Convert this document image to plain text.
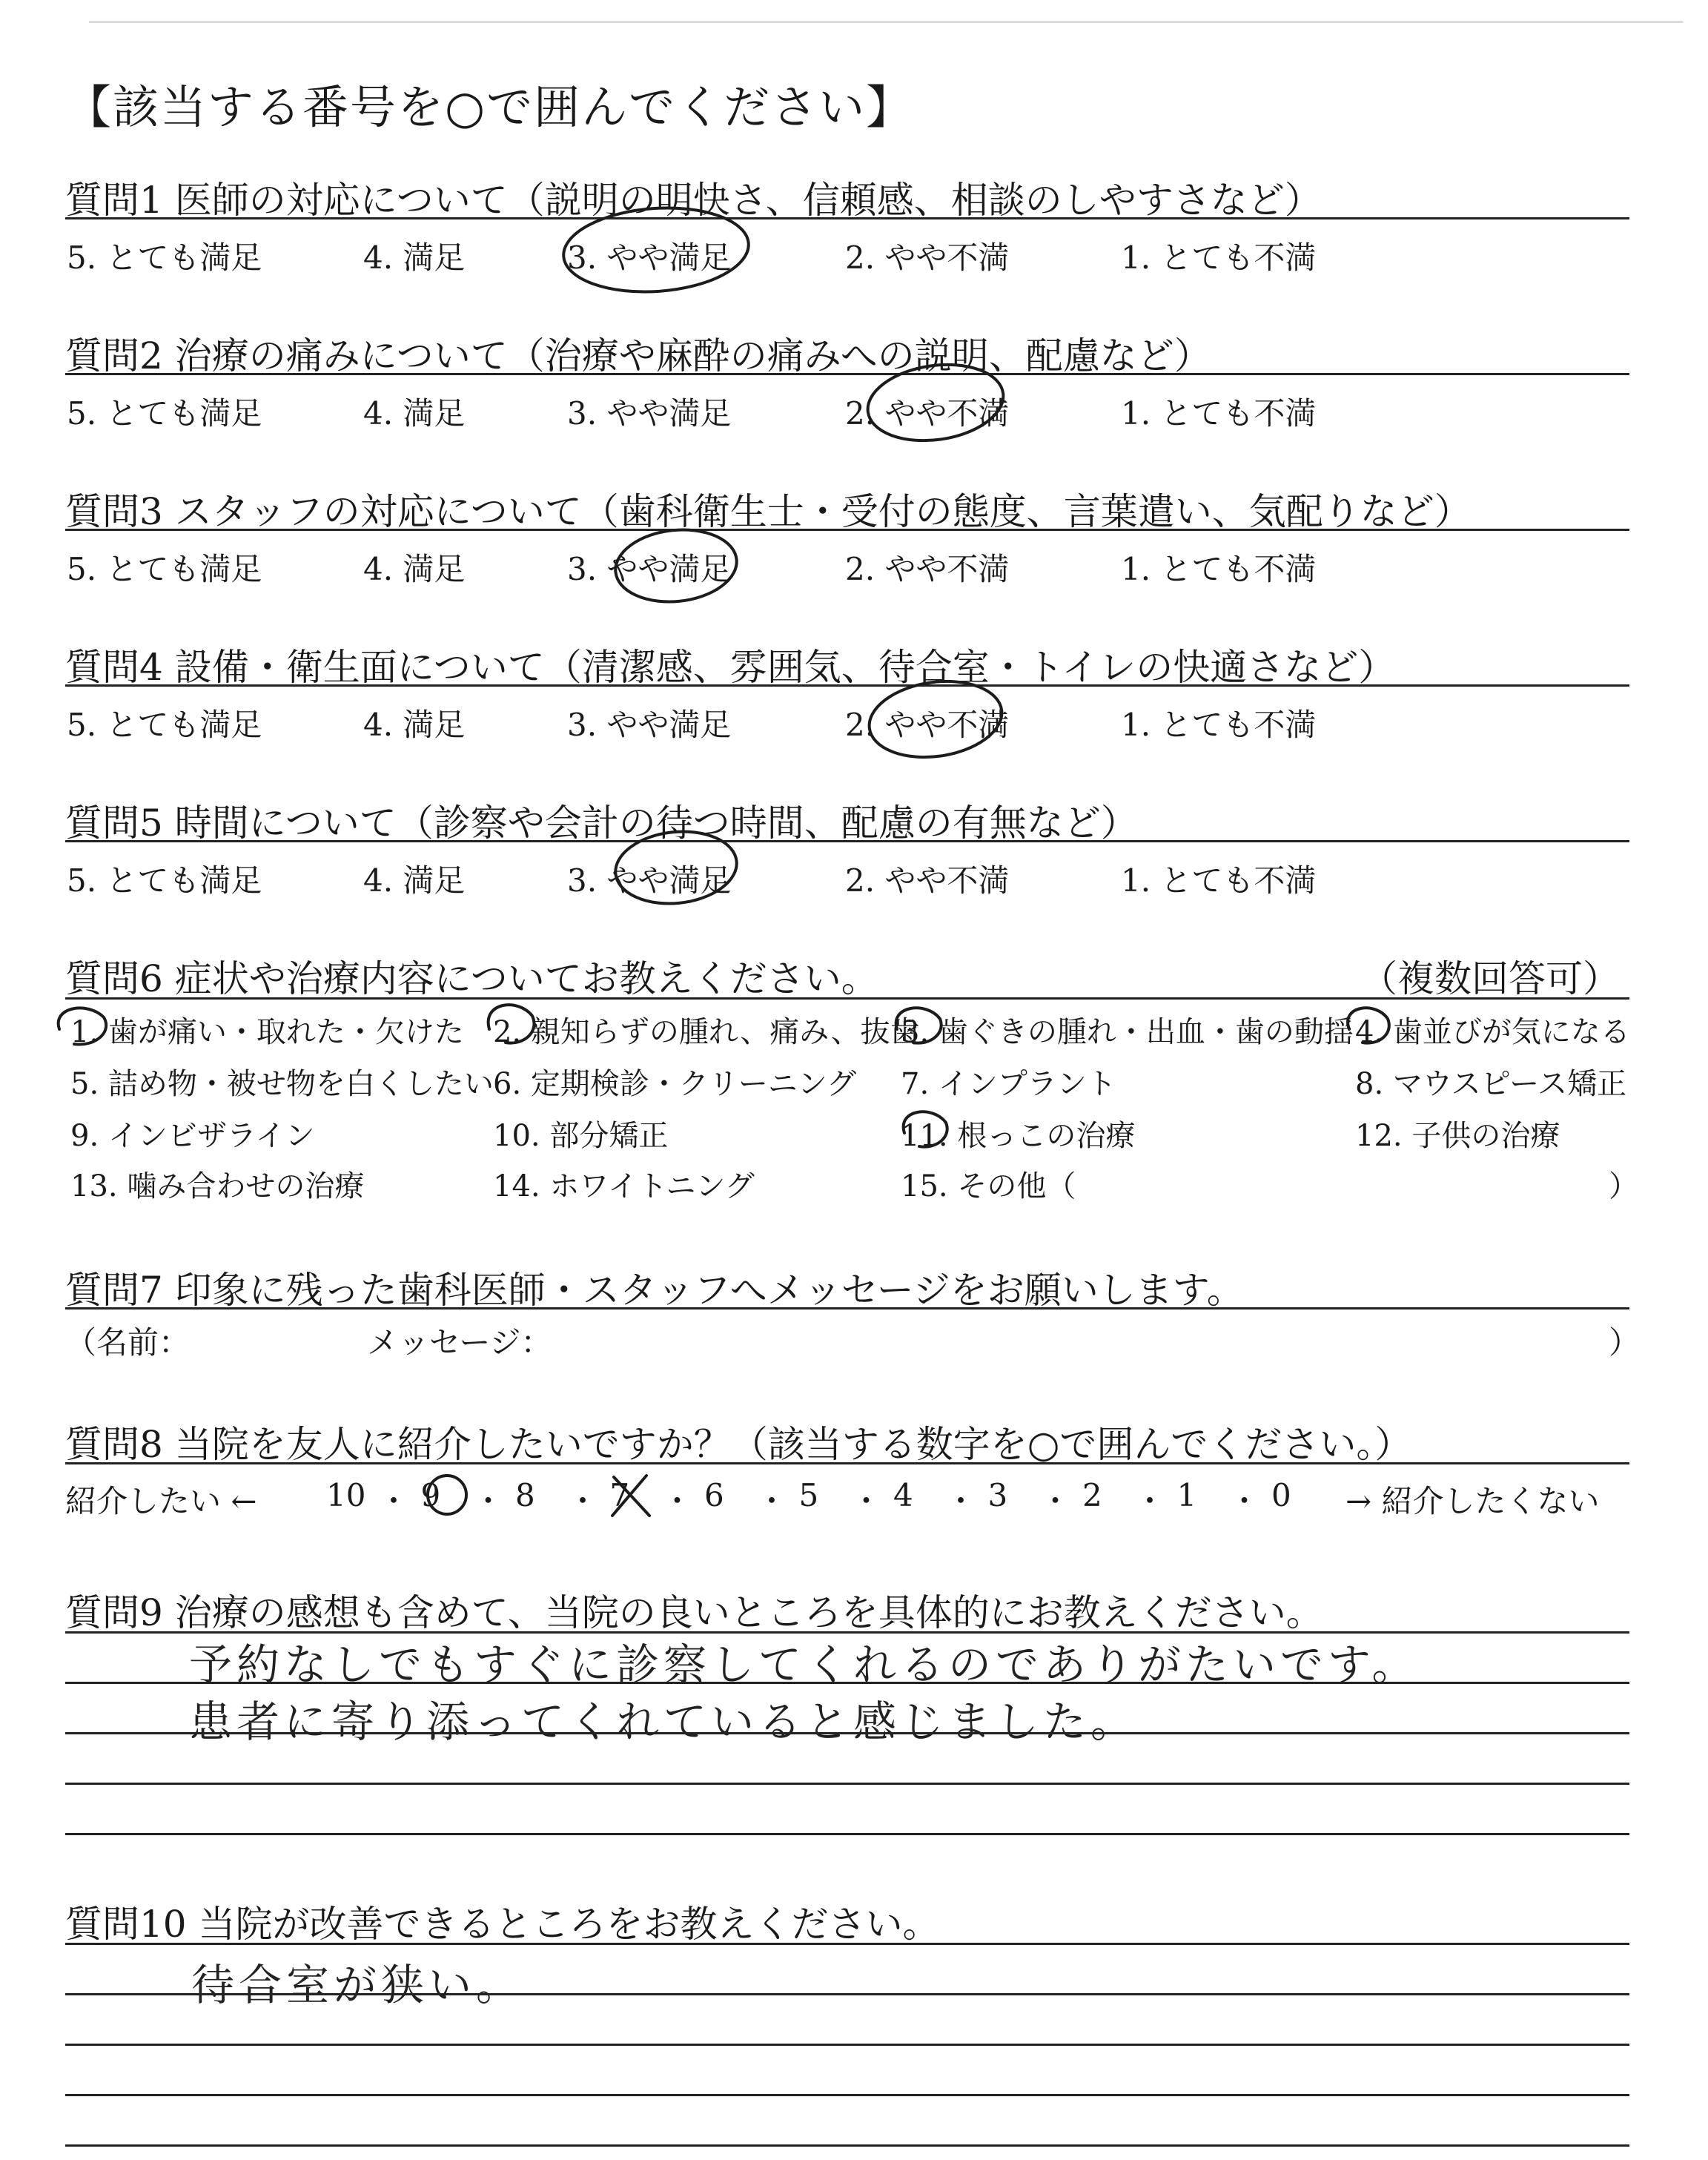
【該当する番号を○で囲んでください】
質問1 医師の対応について（説明の明快さ、信頼感、相談のしやすさなど）
5. とても満足	4. 満足	3. やや満足	2. やや不満	1. とても不満
質問2 治療の痛みについて（治療や麻酔の痛みへの説明、配慮など）
5. とても満足	4. 満足	3. やや満足	2. やや不満	1. とても不満
質問3 スタッフの対応について（歯科衛生士・受付の態度、言葉遣い、気配りなど）
5. とても満足	4. 満足	3. やや満足	2. やや不満	1. とても不満
質問4 設備・衛生面について（清潔感、雰囲気、待合室・トイレの快適さなど）
5. とても満足	4. 満足	3. やや満足	2. やや不満	1. とても不満
質問5 時間について（診察や会計の待つ時間、配慮の有無など）
5. とても満足	4. 満足	3. やや満足	2. やや不満	1. とても不満
質問6 症状や治療内容についてお教えください。	（複数回答可）
1. 歯が痛い・取れた・欠けた 2. 親知らずの腫れ、痛み、抜歯
3. 歯ぐきの腫れ・出血・歯の動揺 4. 歯並びが気になる
5. 詰め物・被せ物を白くしたい 6. 定期検診・クリーニング 7. インプラント	8. マウスピース矯正
9. インビザライン	10. 部分矯正	11. 根っこの治療	12. 子供の治療
13. 噛み合わせの治療	14. ホワイトニング	15. その他（	）
質問7 印象に残った歯科医師・スタッフへメッセージをお願いします。
（名前：	メッセージ：	）
質問8 当院を友人に紹介したいですか？（該当する数字を○で囲んでください。）
紹介したい ←	→ 紹介したくない
10 ・ 9 ・ 8 ・ 7 ・ 6 ・ 5 ・ 4 ・ 3 ・ 2 ・ 1 ・ 0
質問9 治療の感想も含めて、当院の良いところを具体的にお教えください。
予約なしでもすぐに診察してくれるのでありがたいです。
患者に寄り添ってくれていると感じました。
質問10 当院が改善できるところをお教えください。
待合室が狭い。
